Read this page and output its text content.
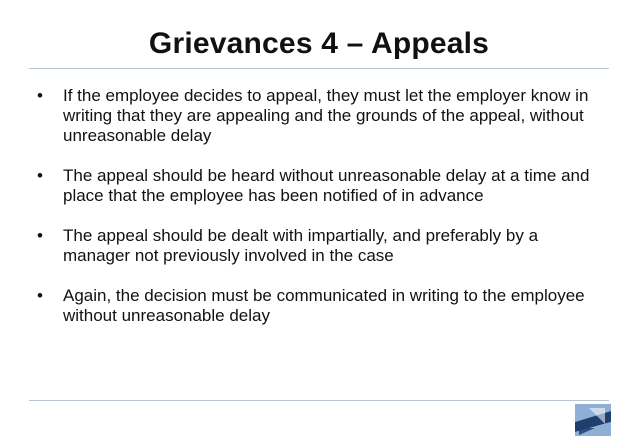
Grievances 4 – Appeals
•	If the employee decides to appeal, they must let the employer know in writing that they are appealing and the grounds of the appeal, without unreasonable delay
•	The appeal should be heard without unreasonable delay at a time and place that the employee has been notified of in advance
•	The appeal should be dealt with impartially, and preferably by a manager not previously involved in the case
•	Again, the decision must be communicated in writing to the employee without unreasonable delay
